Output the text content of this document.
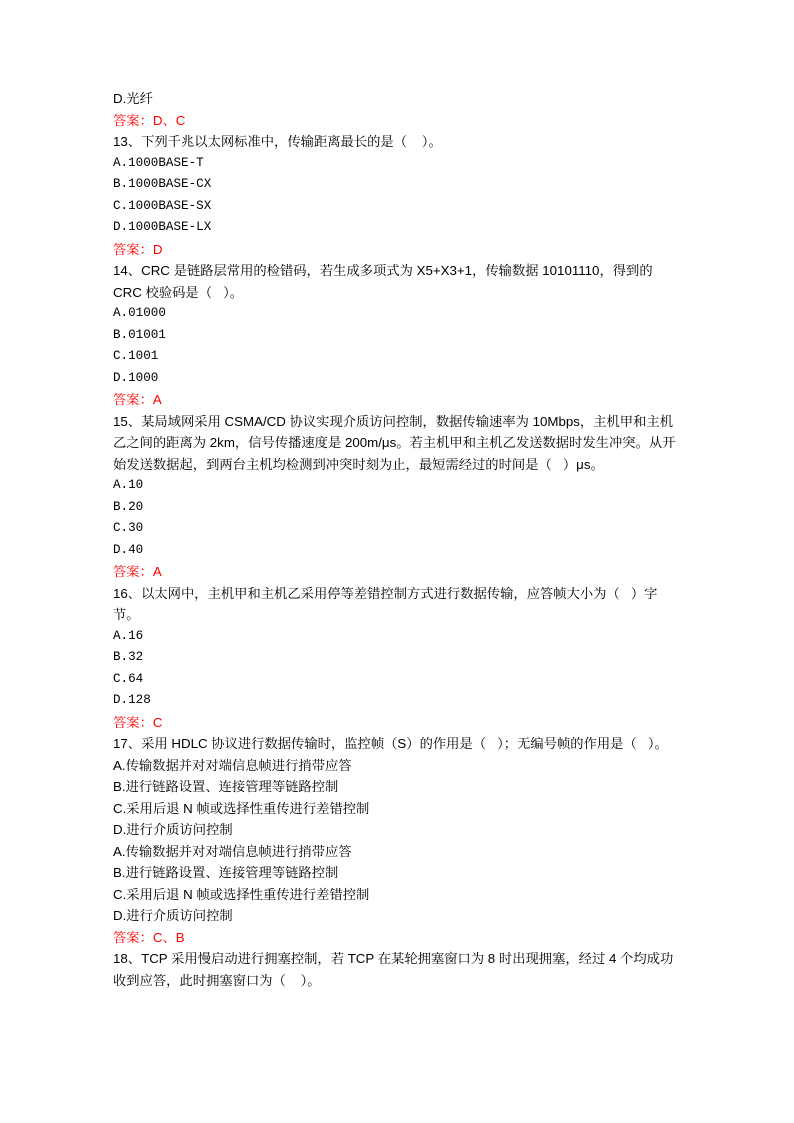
D.光纤
答案：D、C
13、下列千兆以太网标准中，传输距离最长的是（    ）。
A.1000BASE-T
B.1000BASE-CX
C.1000BASE-SX
D.1000BASE-LX
答案：D
14、CRC 是链路层常用的检错码，若生成多项式为 X5+X3+1，传输数据 10101110，得到的 CRC 校验码是（   ）。
A.01000
B.01001
C.1001
D.1000
答案：A
15、某局域网采用 CSMA/CD 协议实现介质访问控制，数据传输速率为 10Mbps，主机甲和主机乙之间的距离为 2km，信号传播速度是 200m/μs。若主机甲和主机乙发送数据时发生冲突。从开始发送数据起，到两台主机均检测到冲突时刻为止，最短需经过的时间是（   ）μs。
A.10
B.20
C.30
D.40
答案：A
16、以太网中，主机甲和主机乙采用停等差错控制方式进行数据传输，应答帧大小为（   ）字节。
A.16
B.32
C.64
D.128
答案：C
17、采用 HDLC 协议进行数据传输时，监控帧（S）的作用是（   ）；无编号帧的作用是（   ）。
A.传输数据并对对端信息帧进行捎带应答
B.进行链路设置、连接管理等链路控制
C.采用后退 N 帧或选择性重传进行差错控制
D.进行介质访问控制
A.传输数据并对对端信息帧进行捎带应答
B.进行链路设置、连接管理等链路控制
C.采用后退 N 帧或选择性重传进行差错控制
D.进行介质访问控制
答案：C、B
18、TCP 采用慢启动进行拥塞控制，若 TCP 在某轮拥塞窗口为 8 时出现拥塞，经过 4 个均成功收到应答，此时拥塞窗口为（    ）。
